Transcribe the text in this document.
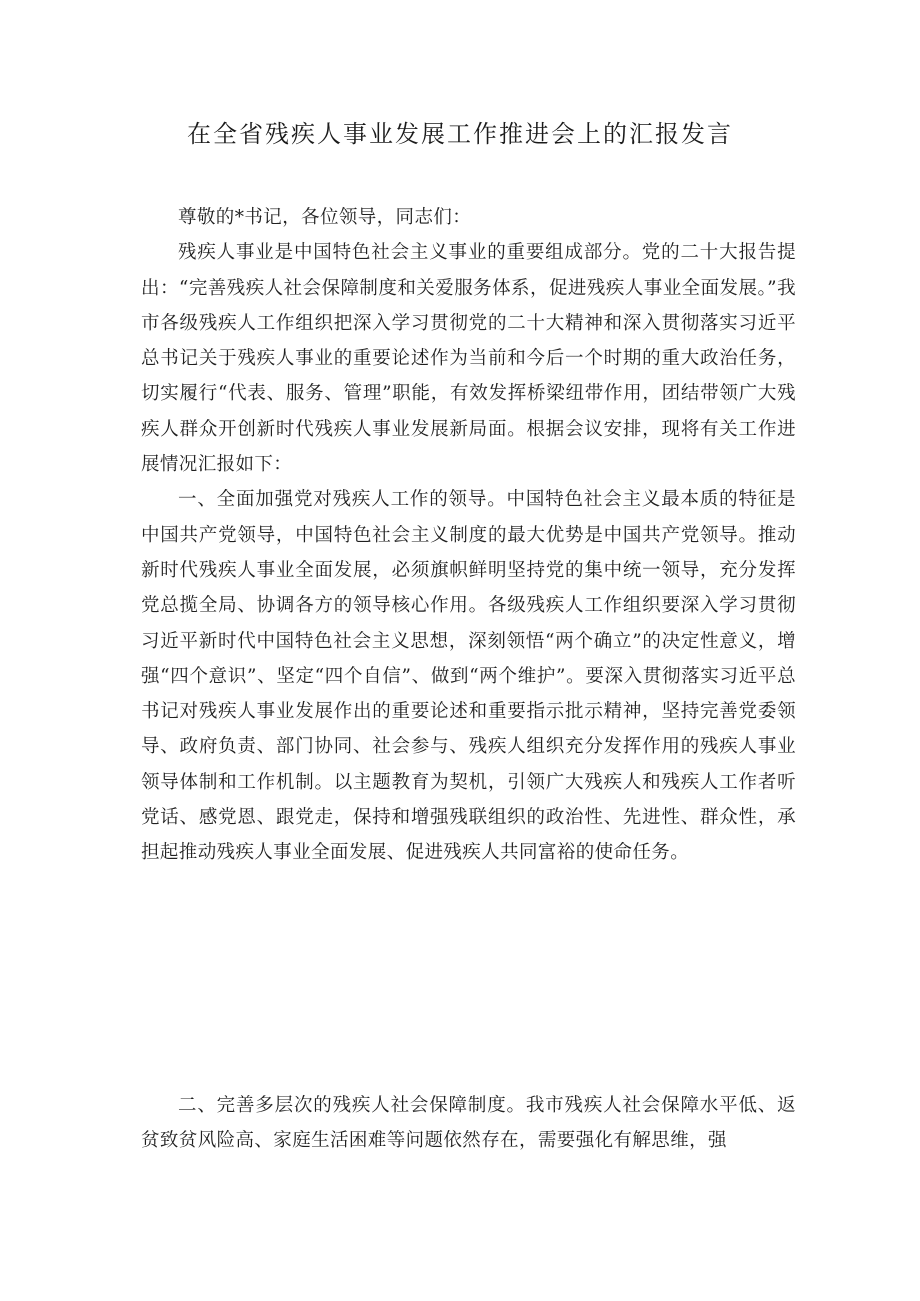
在全省残疾人事业发展工作推进会上的汇报发言

尊敬的*书记，各位领导，同志们：

残疾人事业是中国特色社会主义事业的重要组成部分。党的二十大报告提出：“完善残疾人社会保障制度和关爱服务体系，促进残疾人事业全面发展。”我市各级残疾人工作组织把深入学习贯彻党的二十大精神和深入贯彻落实习近平总书记关于残疾人事业的重要论述作为当前和今后一个时期的重大政治任务，切实履行“代表、服务、管理”职能，有效发挥桥梁纽带作用，团结带领广大残疾人群众开创新时代残疾人事业发展新局面。根据会议安排，现将有关工作进展情况汇报如下：

一、全面加强党对残疾人工作的领导。中国特色社会主义最本质的特征是中国共产党领导，中国特色社会主义制度的最大优势是中国共产党领导。推动新时代残疾人事业全面发展，必须旗帜鲜明坚持党的集中统一领导，充分发挥党总揽全局、协调各方的领导核心作用。各级残疾人工作组织要深入学习贯彻习近平新时代中国特色社会主义思想，深刻领悟“两个确立”的决定性意义，增强“四个意识”、坚定“四个自信”、做到“两个维护”。要深入贯彻落实习近平总书记对残疾人事业发展作出的重要论述和重要指示批示精神，坚持完善党委领导、政府负责、部门协同、社会参与、残疾人组织充分发挥作用的残疾人事业领导体制和工作机制。以主题教育为契机，引领广大残疾人和残疾人工作者听党话、感党恩、跟党走，保持和增强残联组织的政治性、先进性、群众性，承担起推动残疾人事业全面发展、促进残疾人共同富裕的使命任务。

二、完善多层次的残疾人社会保障制度。我市残疾人社会保障水平低、返贫致贫风险高、家庭生活困难等问题依然存在，需要强化有解思维，强
